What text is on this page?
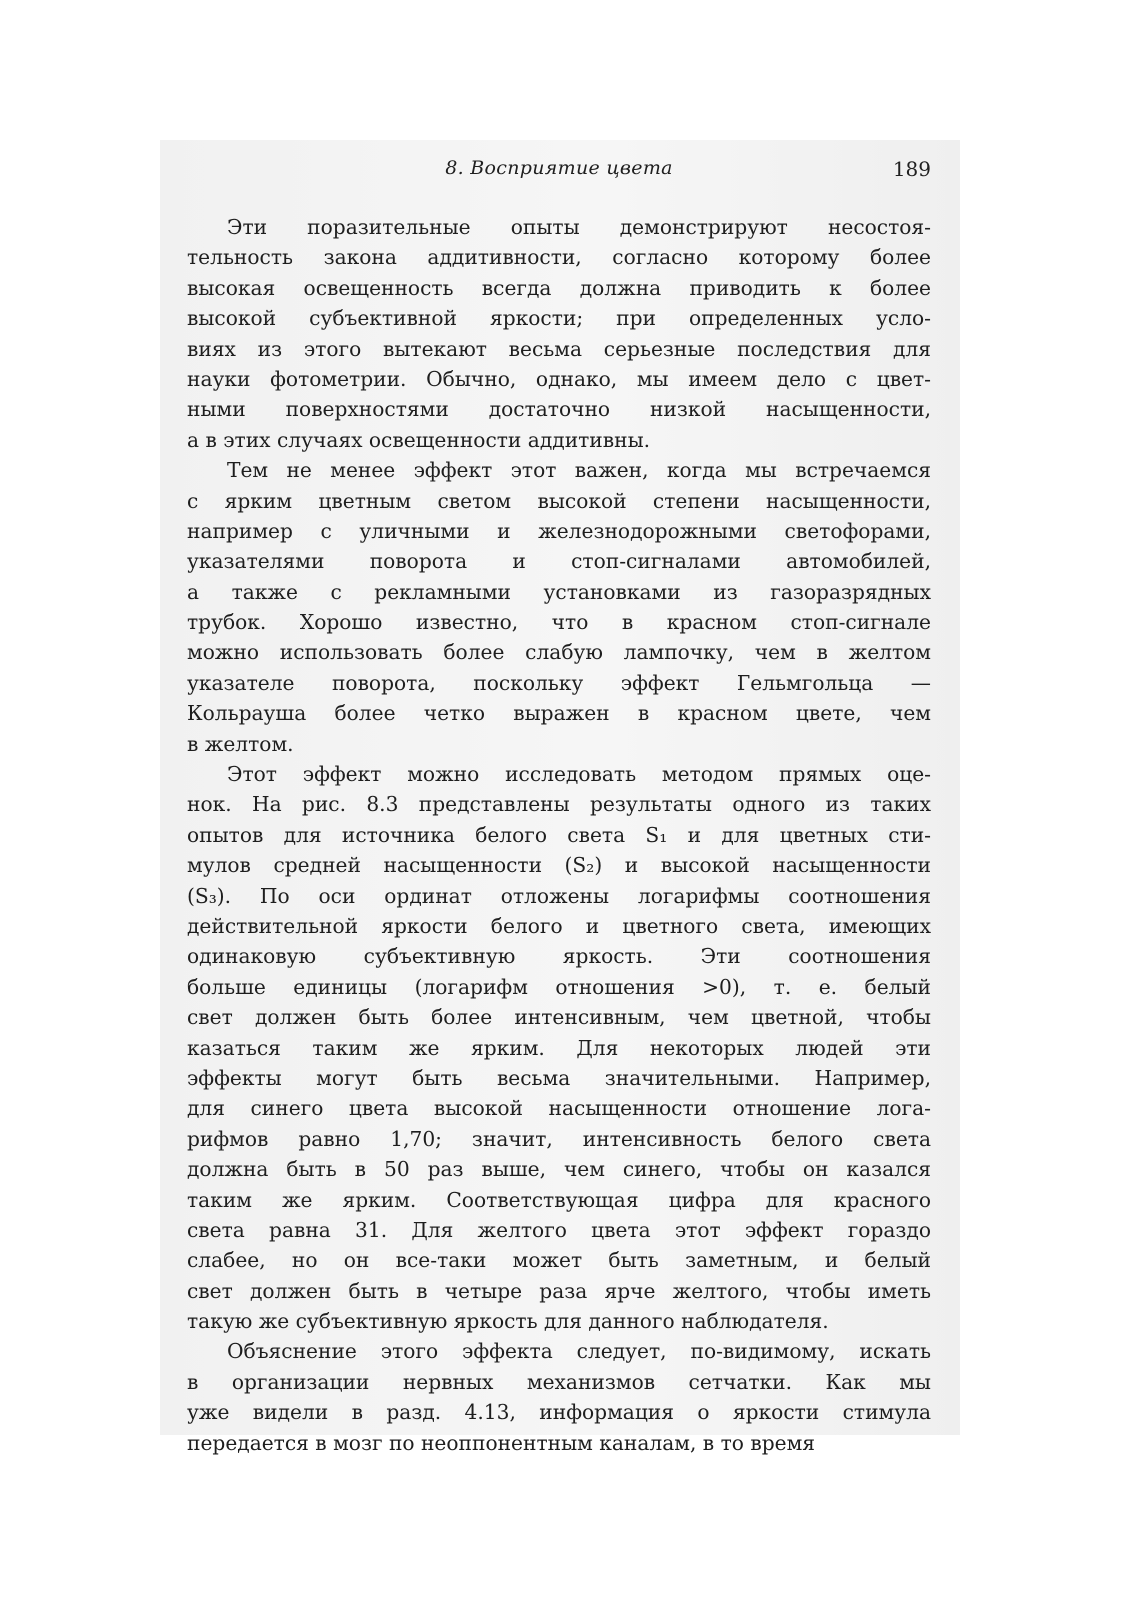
8. Восприятие цвета	189
Эти поразительные опыты демонстрируют несостоя-
тельность закона аддитивности, согласно которому более
высокая освещенность всегда должна приводить к более
высокой субъективной яркости; при определенных усло-
виях из этого вытекают весьма серьезные последствия для
науки фотометрии. Обычно, однако, мы имеем дело с цвет-
ными поверхностями достаточно низкой насыщенности,
а в этих случаях освещенности аддитивны.
Тем не менее эффект этот важен, когда мы встречаемся
с ярким цветным светом высокой степени насыщенности,
например с уличными и железнодорожными светофорами,
указателями поворота и стоп-сигналами автомобилей,
а также с рекламными установками из газоразрядных
трубок. Хорошо известно, что в красном стоп-сигнале
можно использовать более слабую лампочку, чем в желтом
указателе поворота, поскольку эффект Гельмгольца —
Кольрауша более четко выражен в красном цвете, чем
в желтом.
Этот эффект можно исследовать методом прямых оце-
нок. На рис. 8.3 представлены результаты одного из таких
опытов для источника белого света S₁ и для цветных сти-
мулов средней насыщенности (S₂) и высокой насыщенности
(S₃). По оси ординат отложены логарифмы соотношения
действительной яркости белого и цветного света, имеющих
одинаковую субъективную яркость. Эти соотношения
больше единицы (логарифм отношения >0), т. е. белый
свет должен быть более интенсивным, чем цветной, чтобы
казаться таким же ярким. Для некоторых людей эти
эффекты могут быть весьма значительными. Например,
для синего цвета высокой насыщенности отношение лога-
рифмов равно 1,70; значит, интенсивность белого света
должна быть в 50 раз выше, чем синего, чтобы он казался
таким же ярким. Соответствующая цифра для красного
света равна 31. Для желтого цвета этот эффект гораздо
слабее, но он все-таки может быть заметным, и белый
свет должен быть в четыре раза ярче желтого, чтобы иметь
такую же субъективную яркость для данного наблюдателя.
Объяснение этого эффекта следует, по-видимому, искать
в организации нервных механизмов сетчатки. Как мы
уже видели в разд. 4.13, информация о яркости стимула
передается в мозг по неоппонентным каналам, в то время
